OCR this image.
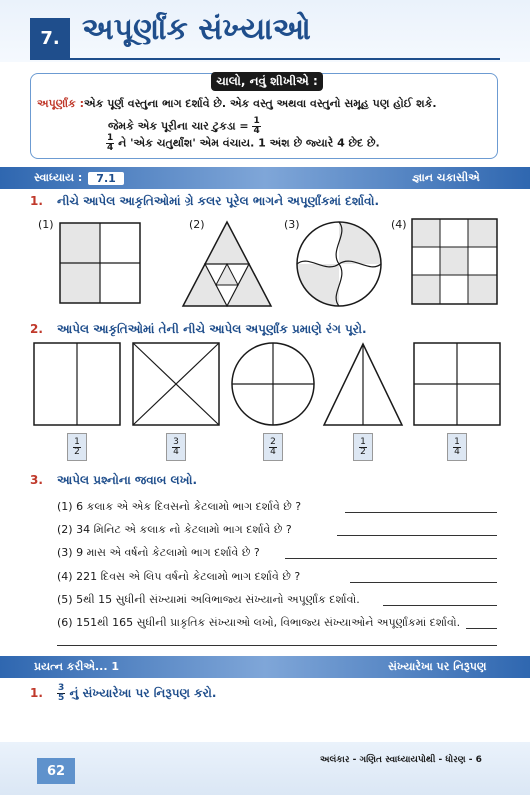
7. અપૂર્ણાંક સંખ્યાઓ
ચાલો, નવું શીખીએ :
અપૂર્ણાંક : એક પૂર્ણ વસ્તુના ભાગ દર્શાવે છે. એક વસ્તુ અથવા વસ્તુનો સમૂહ પણ હોઈ શકે.
જેમકે એક પૂરીના ચાર ટુકડા = $\frac{1}{4}$
$\frac{1}{4}$ ને 'એક ચતુર્થાંશ' એમ વંચાય. 1 અંશ છે જ્યારે 4 છેદ છે.
સ્વાધ્યાય :	7.1	જ્ઞાન ચકાસીએ
1. નીચે આપેલ આકૃતિઓમાં ગ્રે કલર પૂરેલ ભાગને અપૂર્ણાંકમાં દર્શાવો.
(1)	(2)	(3)	(4)
2. આપેલ આકૃતિઓમાં તેની નીચે આપેલ અપૂર્ણાંક પ્રમાણે રંગ પૂરો.
$\frac{1}{2}$	$\frac{3}{4}$	$\frac{2}{4}$	$\frac{1}{2}$	$\frac{1}{4}$
3. આપેલ પ્રશ્નોના જવાબ લખો.
(1) 6 કલાક એ એક દિવસનો કેટલામો ભાગ દર્શાવે છે ?
(2) 34 મિનિટ એ કલાક નો કેટલામો ભાગ દર્શાવે છે ?
(3) 9 માસ એ વર્ષનો કેટલામો ભાગ દર્શાવે છે ?
(4) 221 દિવસ એ લિપ વર્ષનો કેટલામો ભાગ દર્શાવે છે ?
(5) 5થી 15 સુધીની સંખ્યામાં અવિભાજ્ય સંખ્યાનો અપૂર્ણાંક દર્શાવો.
(6) 151થી 165 સુધીની પ્રાકૃતિક સંખ્યાઓ લખો, વિભાજ્ય સંખ્યાઓને અપૂર્ણાંકમાં દર્શાવો.
પ્રયત્ન કરીએ... 1	સંખ્યારેખા પર નિરૂપણ
1. $\frac{3}{5}$ નું સંખ્યારેખા પર નિરૂપણ કરો.
62
અલંકાર - ગણિત સ્વાધ્યાયપોથી - ધોરણ - 6
